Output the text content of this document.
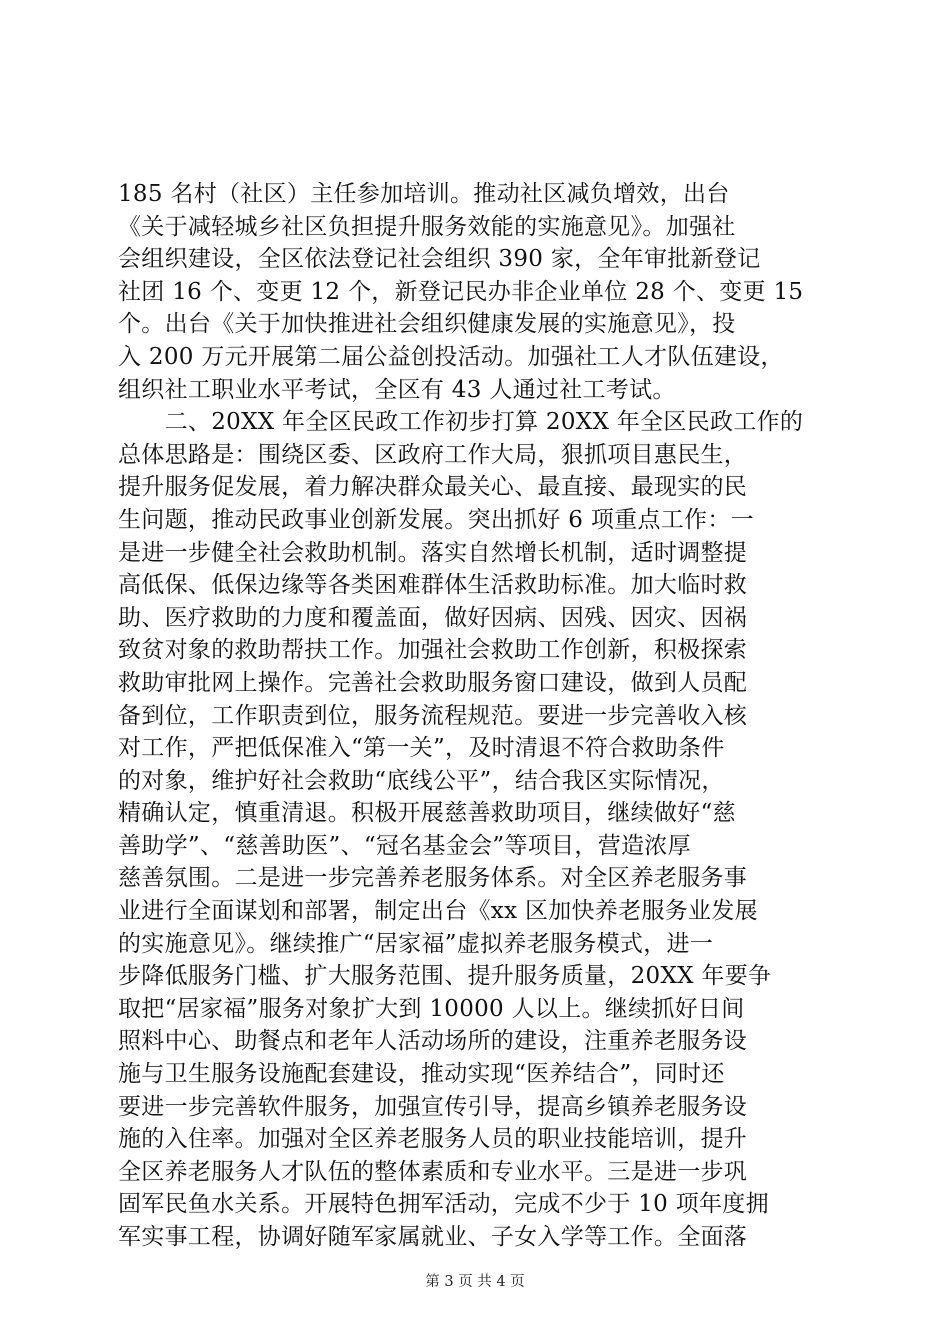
185 名村（社区）主任参加培训。推动社区减负增效，出台
《关于减轻城乡社区负担提升服务效能的实施意见》。加强社
会组织建设，全区依法登记社会组织 390 家，全年审批新登记
社团 16 个、变更 12 个，新登记民办非企业单位 28 个、变更 15
个。出台《关于加快推进社会组织健康发展的实施意见》，投
入 200 万元开展第二届公益创投活动。加强社工人才队伍建设，
组织社工职业水平考试，全区有 43 人通过社工考试。
　　二、20XX 年全区民政工作初步打算 20XX 年全区民政工作的
总体思路是：围绕区委、区政府工作大局，狠抓项目惠民生，
提升服务促发展，着力解决群众最关心、最直接、最现实的民
生问题，推动民政事业创新发展。突出抓好 6 项重点工作：一
是进一步健全社会救助机制。落实自然增长机制，适时调整提
高低保、低保边缘等各类困难群体生活救助标准。加大临时救
助、医疗救助的力度和覆盖面，做好因病、因残、因灾、因祸
致贫对象的救助帮扶工作。加强社会救助工作创新，积极探索
救助审批网上操作。完善社会救助服务窗口建设，做到人员配
备到位，工作职责到位，服务流程规范。要进一步完善收入核
对工作，严把低保准入“第一关”，及时清退不符合救助条件
的对象，维护好社会救助“底线公平”，结合我区实际情况，
精确认定，慎重清退。积极开展慈善救助项目，继续做好“慈
善助学”、“慈善助医”、“冠名基金会”等项目，营造浓厚
慈善氛围。二是进一步完善养老服务体系。对全区养老服务事
业进行全面谋划和部署，制定出台《xx 区加快养老服务业发展
的实施意见》。继续推广“居家福”虚拟养老服务模式，进一
步降低服务门槛、扩大服务范围、提升服务质量，20XX 年要争
取把“居家福”服务对象扩大到 10000 人以上。继续抓好日间
照料中心、助餐点和老年人活动场所的建设，注重养老服务设
施与卫生服务设施配套建设，推动实现“医养结合”，同时还
要进一步完善软件服务，加强宣传引导，提高乡镇养老服务设
施的入住率。加强对全区养老服务人员的职业技能培训，提升
全区养老服务人才队伍的整体素质和专业水平。三是进一步巩
固军民鱼水关系。开展特色拥军活动，完成不少于 10 项年度拥
军实事工程，协调好随军家属就业、子女入学等工作。全面落
第 3 页 共 4 页
